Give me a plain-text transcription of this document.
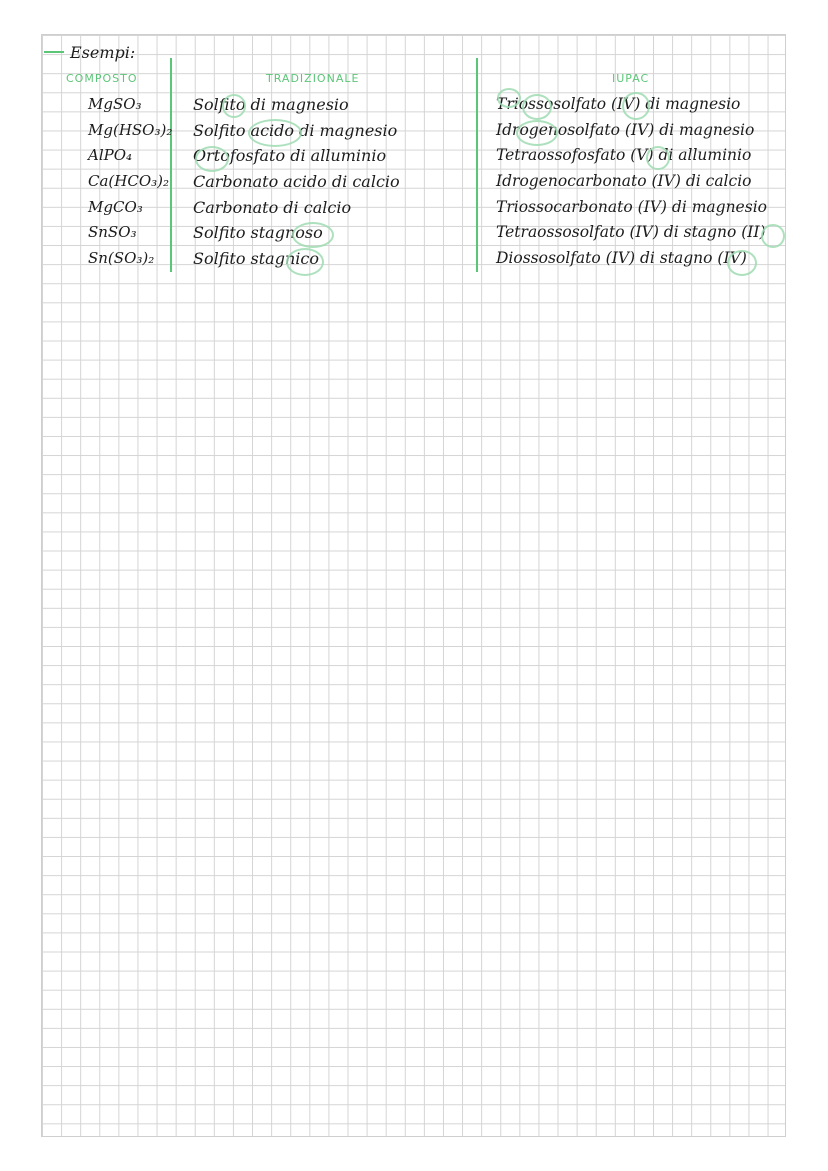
Esempi:
COMPOSTO	TRADIZIONALE	IUPAC
MgSO₃
Mg(HSO₃)₂
AlPO₄
Ca(HCO₃)₂
MgCO₃
SnSO₃
Sn(SO₃)₂
Solfito di magnesio
Solfito acido di magnesio
Ortofosfato di alluminio
Carbonato acido di calcio
Carbonato di calcio
Solfito stagnoso
Solfito stagnico
Triossosolfato (IV) di magnesio
Idrogenosolfato (IV) di magnesio
Tetraossofosfato (V) di alluminio
Idrogenocarbonato (IV) di calcio
Triossocarbonato (IV) di magnesio
Tetraossosolfato (IV) di stagno (II)
Diossosolfato (IV) di stagno (IV)
